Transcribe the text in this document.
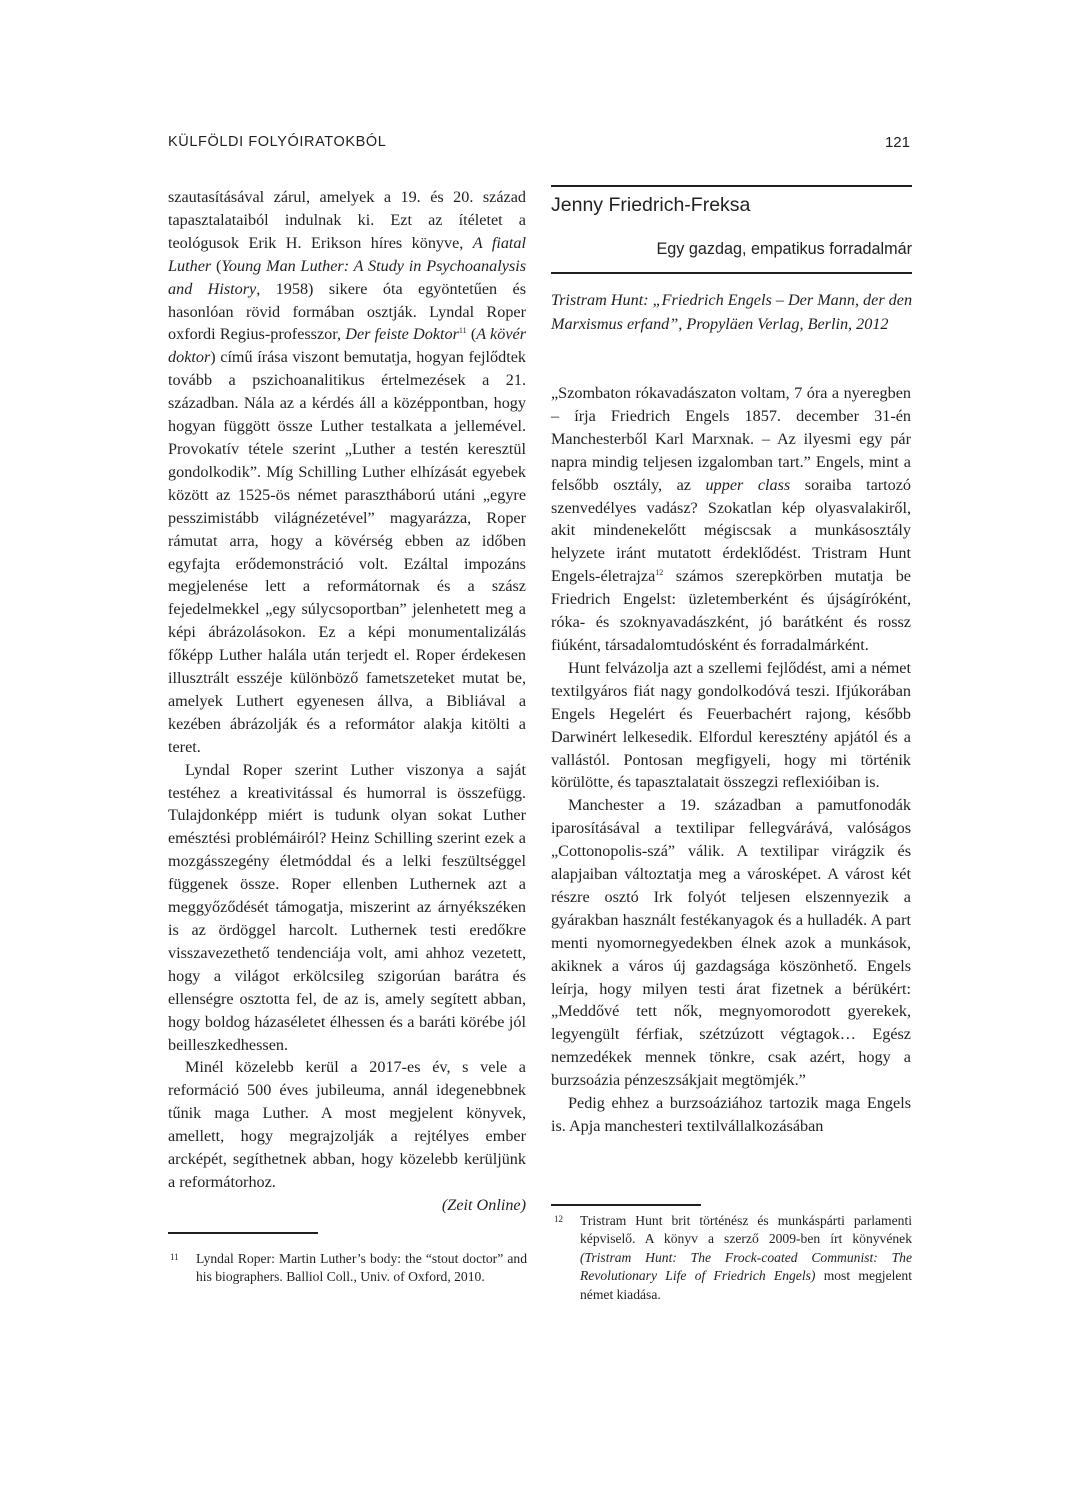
KÜLFÖLDI FOLYÓIRATOKBÓL	121

szautasításával zárul, amelyek a 19. és 20. század tapasztalataiból indulnak ki. Ezt az ítéletet a teológusok Erik H. Erikson híres könyve, A fiatal Luther (Young Man Luther: A Study in Psychoanalysis and History, 1958) sikere óta egyöntetűen és hasonlóan rövid formában osztják. Lyndal Roper oxfordi Regius-professzor, Der feiste Doktor$^{11}$ (A kövér doktor) című írása viszont bemutatja, hogyan fejlődtek tovább a pszichoanalitikus értelmezések a 21. században. Nála az a kérdés áll a középpontban, hogy hogyan függött össze Luther testalkata a jellemével. Provokatív tétele szerint „Luther a testén keresztül gondolkodik”. Míg Schilling Luther elhízását egyebek között az 1525-ös német parasztháború utáni „egyre pesszimistább világnézetével” magyarázza, Roper rámutat arra, hogy a kövérség ebben az időben egyfajta erődemonstráció volt. Ezáltal impozáns megjelenése lett a reformátornak és a szász fejedelmekkel „egy súlycsoportban” jelenhetett meg a képi ábrázolásokon. Ez a képi monumentalizálás főképp Luther halála után terjedt el. Roper érdekesen illusztrált esszéje különböző fametszeteket mutat be, amelyek Luthert egyenesen állva, a Bibliával a kezében ábrázolják és a reformátor alakja kitölti a teret.

Lyndal Roper szerint Luther viszonya a saját testéhez a kreativitással és humorral is összefügg. Tulajdonképp miért is tudunk olyan sokat Luther emésztési problémáiról? Heinz Schilling szerint ezek a mozgásszegény életmóddal és a lelki feszültséggel függenek össze. Roper ellenben Luthernek azt a meggyőződését támogatja, miszerint az árnyékszéken is az ördöggel harcolt. Luthernek testi eredőkre visszavezethető tendenciája volt, ami ahhoz vezetett, hogy a világot erkölcsileg szigorúan barátra és ellenségre osztotta fel, de az is, amely segített abban, hogy boldog házaséletet élhessen és a baráti körébe jól beilleszkedhessen.

Minél közelebb kerül a 2017-es év, s vele a reformáció 500 éves jubileuma, annál idegenebbnek tűnik maga Luther. A most megjelent könyvek, amellett, hogy megrajzolják a rejtélyes ember arcképét, segíthetnek abban, hogy közelebb kerüljünk a reformátorhoz.

(Zeit Online)

11 Lyndal Roper: Martin Luther’s body: the “stout doctor” and his biographers. Balliol Coll., Univ. of Oxford, 2010.
Jenny Friedrich-Freksa
Egy gazdag, empatikus forradalmár
Tristram Hunt: „Friedrich Engels – Der Mann, der den Marxismus erfand”, Propyläen Verlag, Berlin, 2012

„Szombaton rókavadászaton voltam, 7 óra a nyeregben – írja Friedrich Engels 1857. december 31-én Manchesterből Karl Marxnak. – Az ilyesmi egy pár napra mindig teljesen izgalomban tart.” Engels, mint a felsőbb osztály, az upper class soraiba tartozó szenvedélyes vadász? Szokatlan kép olyasvalakiről, akit mindenekelőtt mégiscsak a munkásosztály helyzete iránt mutatott érdeklődést. Tristram Hunt Engels-életrajza$^{12}$ számos szerepkörben mutatja be Friedrich Engelst: üzletemberként és újságíróként, róka- és szoknyavadászként, jó barátként és rossz fiúként, társadalomtudósként és forradalmárként.

Hunt felvázolja azt a szellemi fejlődést, ami a német textilgyáros fiát nagy gondolkodóvá teszi. Ifjúkorában Engels Hegelért és Feuerbachért rajong, később Darwinért lelkesedik. Elfordul keresztény apjától és a vallástól. Pontosan megfigyeli, hogy mi történik körülötte, és tapasztalatait összegzi reflexióiban is.

Manchester a 19. században a pamutfonodák iparosításával a textilipar fellegvárává, valóságos „Cottonopolis-szá” válik. A textilipar virágzik és alapjaiban változtatja meg a városképet. A várost két részre osztó Irk folyót teljesen elszennyezik a gyárakban használt festékanyagok és a hulladék. A part menti nyomornegyedekben élnek azok a munkások, akiknek a város új gazdagsága köszönhető. Engels leírja, hogy milyen testi árat fizetnek a bérükért: „Meddővé tett nők, megnyomorodott gyerekek, legyengült férfiak, szétzúzott végtagok… Egész nemzedékek mennek tönkre, csak azért, hogy a burzsoázia pénzeszsákjait megtömjék.”

Pedig ehhez a burzsoáziához tartozik maga Engels is. Apja manchesteri textilvállalkozásában

12 Tristram Hunt brit történész és munkáspárti parlamenti képviselő. A könyv a szerző 2009-ben írt könyvének (Tristram Hunt: The Frock-coated Communist: The Revolutionary Life of Friedrich Engels) most megjelent német kiadása.
